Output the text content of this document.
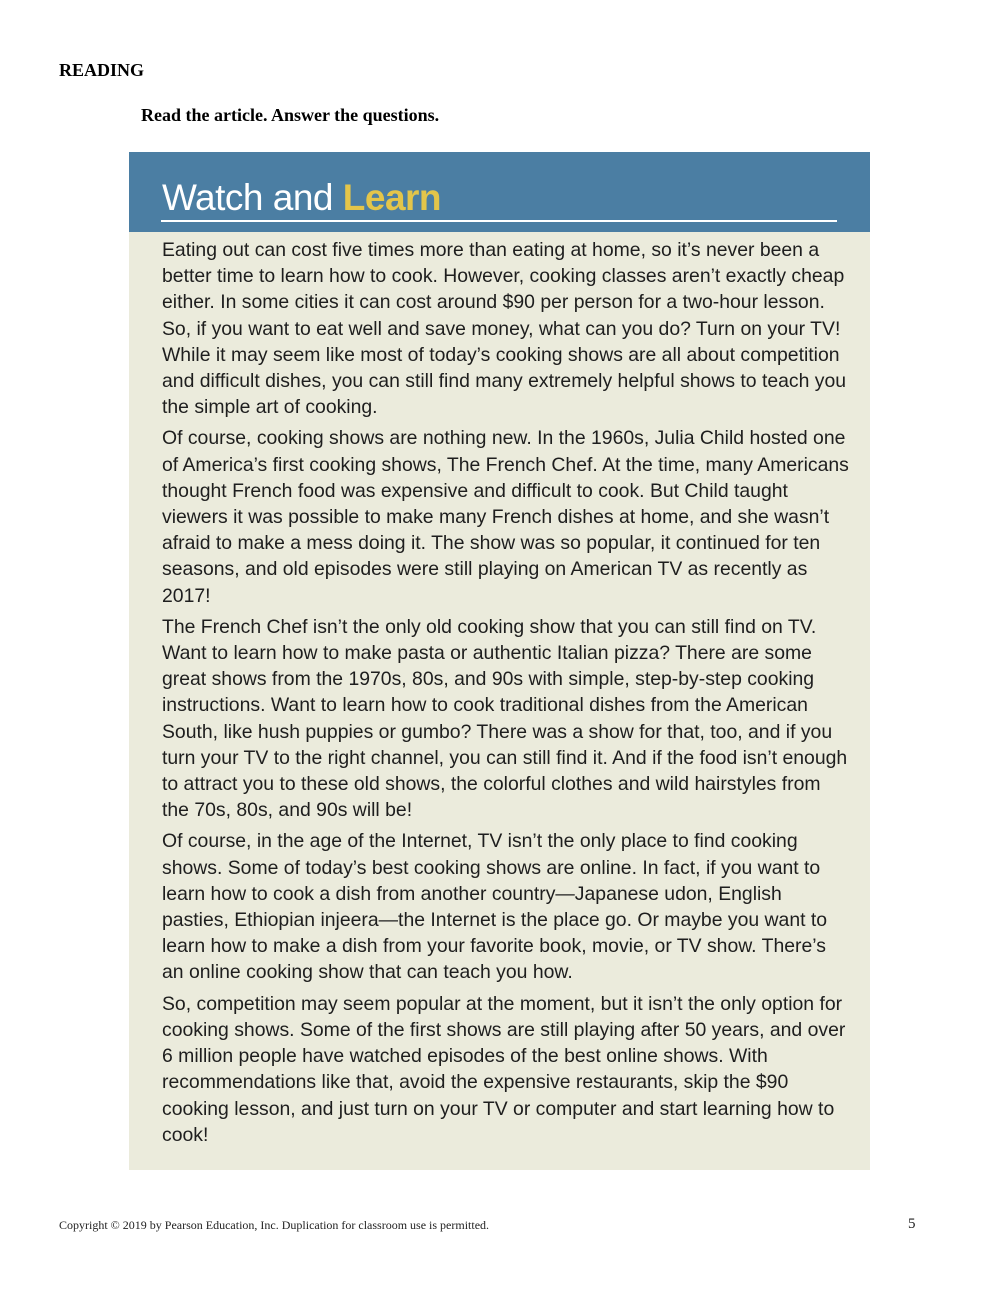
READING
Read the article. Answer the questions.
Watch and Learn

Eating out can cost five times more than eating at home, so it’s never been a better time to learn how to cook. However, cooking classes aren’t exactly cheap either. In some cities it can cost around $90 per person for a two-hour lesson. So, if you want to eat well and save money, what can you do? Turn on your TV! While it may seem like most of today’s cooking shows are all about competition and difficult dishes, you can still find many extremely helpful shows to teach you the simple art of cooking.

Of course, cooking shows are nothing new. In the 1960s, Julia Child hosted one of America’s first cooking shows, The French Chef. At the time, many Americans thought French food was expensive and difficult to cook. But Child taught viewers it was possible to make many French dishes at home, and she wasn’t afraid to make a mess doing it. The show was so popular, it continued for ten seasons, and old episodes were still playing on American TV as recently as 2017!

The French Chef isn’t the only old cooking show that you can still find on TV. Want to learn how to make pasta or authentic Italian pizza? There are some great shows from the 1970s, 80s, and 90s with simple, step-by-step cooking instructions. Want to learn how to cook traditional dishes from the American South, like hush puppies or gumbo? There was a show for that, too, and if you turn your TV to the right channel, you can still find it. And if the food isn’t enough to attract you to these old shows, the colorful clothes and wild hairstyles from the 70s, 80s, and 90s will be!

Of course, in the age of the Internet, TV isn’t the only place to find cooking shows. Some of today’s best cooking shows are online. In fact, if you want to learn how to cook a dish from another country—Japanese udon, English pasties, Ethiopian injeera—the Internet is the place go. Or maybe you want to learn how to make a dish from your favorite book, movie, or TV show. There’s an online cooking show that can teach you how.

So, competition may seem popular at the moment, but it isn’t the only option for cooking shows. Some of the first shows are still playing after 50 years, and over 6 million people have watched episodes of the best online shows. With recommendations like that, avoid the expensive restaurants, skip the $90 cooking lesson, and just turn on your TV or computer and start learning how to cook!

Copyright © 2019 by Pearson Education, Inc. Duplication for classroom use is permitted.	5
